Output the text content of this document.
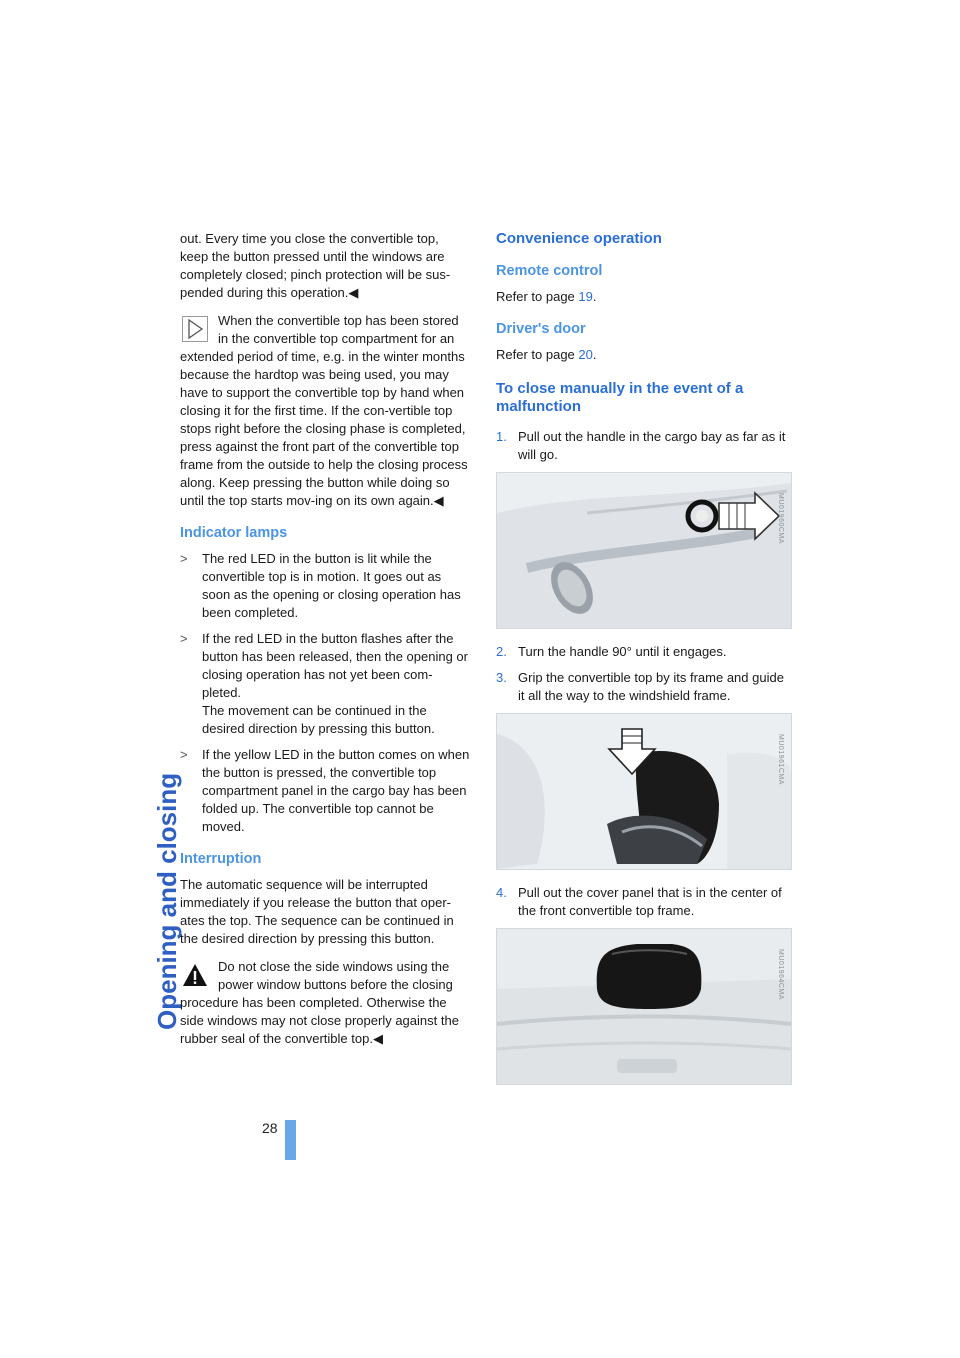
Opening and closing

out. Every time you close the convertible top, keep the button pressed until the windows are completely closed; pinch protection will be sus-pended during this operation.◀

When the convertible top has been stored in the convertible top compartment for an extended period of time, e.g. in the winter months because the hardtop was being used, you may have to support the convertible top by hand when closing it for the first time. If the con-vertible top stops right before the closing phase is completed, press against the front part of the convertible top frame from the outside to help the closing process along. Keep pressing the button while doing so until the top starts mov-ing on its own again.◀
Indicator lamps
> The red LED in the button is lit while the convertible top is in motion. It goes out as soon as the opening or closing operation has been completed.
> If the red LED in the button flashes after the button has been released, then the opening or closing operation has not yet been com-pleted.
The movement can be continued in the desired direction by pressing this button.
> If the yellow LED in the button comes on when the button is pressed, the convertible top compartment panel in the cargo bay has been folded up. The convertible top cannot be moved.
Interruption

The automatic sequence will be interrupted immediately if you release the button that oper-ates the top. The sequence can be continued in the desired direction by pressing this button.

Do not close the side windows using the power window buttons before the closing procedure has been completed. Otherwise the side windows may not close properly against the rubber seal of the convertible top.◀
Convenience operation
Remote control

Refer to page 19.

Driver's door

Refer to page 20.

To close manually in the event of a malfunction
1. Pull out the handle in the cargo bay as far as it will go.
MU01960CMA
2. Turn the handle 90° until it engages.
3. Grip the convertible top by its frame and guide it all the way to the windshield frame.
MU01961CMA
4. Pull out the cover panel that is in the center of the front convertible top frame.
MU01964CMA
28
